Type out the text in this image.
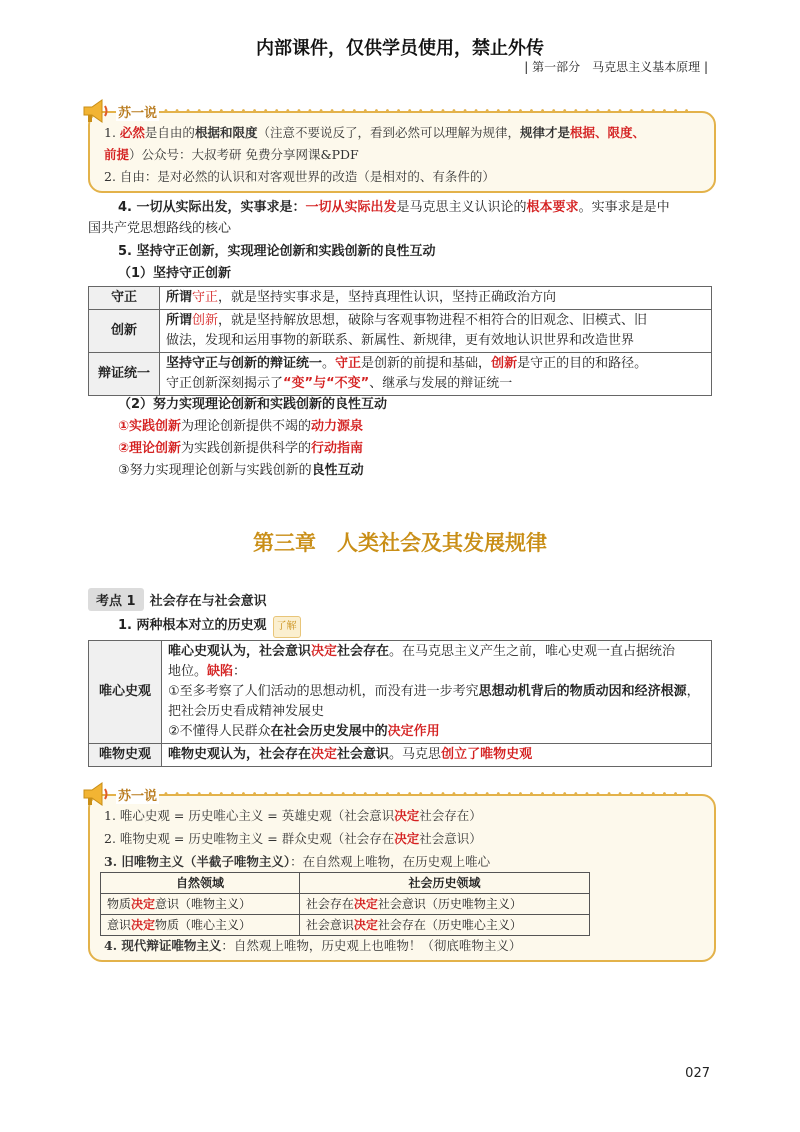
内部课件，仅供学员使用，禁止外传
| 第一部分　马克思主义基本原理 |
苏一说 • • • • • • • • • • • • • • • • • • • • • • • • • • • • • • • • • • • • • • • • • • • • • • • •
1. 必然是自由的根据和限度（注意不要说反了，看到必然可以理解为规律，规律才是根据、限度、
前提）公众号：大叔考研 免费分享网课&PDF
2. 自由：是对必然的认识和对客观世界的改造（是相对的、有条件的）
4. 一切从实际出发，实事求是：一切从实际出发是马克思主义认识论的根本要求。实事求是是中
国共产党思想路线的核心
5. 坚持守正创新，实现理论创新和实践创新的良性互动
（1）坚持守正创新
守正	所谓守正，就是坚持实事求是，坚持真理性认识，坚持正确政治方向
创新	所谓创新，就是坚持解放思想，破除与客观事物进程不相符合的旧观念、旧模式、旧
做法，发现和运用事物的新联系、新属性、新规律，更有效地认识世界和改造世界

辩证统一	坚持守正与创新的辩证统一。守正是创新的前提和基础，创新是守正的目的和路径。
守正创新深刻揭示了“变”与“不变”、继承与发展的辩证统一
（2）努力实现理论创新和实践创新的良性互动
①实践创新为理论创新提供不竭的动力源泉
②理论创新为实践创新提供科学的行动指南
③努力实现理论创新与实践创新的良性互动
第三章　人类社会及其发展规律
考点 1	社会存在与社会意识
1. 两种根本对立的历史观 了解
唯心史观	唯心史观认为，社会意识决定社会存在。在马克思主义产生之前，唯心史观一直占据统治
地位。缺陷：
①至多考察了人们活动的思想动机，而没有进一步考究思想动机背后的物质动因和经济根源，
把社会历史看成精神发展史
②不懂得人民群众在社会历史发展中的决定作用

唯物史观	唯物史观认为，社会存在决定社会意识。马克思创立了唯物史观
苏一说 • • • • • • • • • • • • • • • • • • • • • • • • • • • • • • • • • • • • • • • • • • • • • • • •
1. 唯心史观 = 历史唯心主义 = 英雄史观（社会意识决定社会存在）
2. 唯物史观 = 历史唯物主义 = 群众史观（社会存在决定社会意识）
3. 旧唯物主义（半截子唯物主义）：在自然观上唯物，在历史观上唯心
4. 现代辩证唯物主义：自然观上唯物，历史观上也唯物！（彻底唯物主义）
自然领域	社会历史领域
物质决定意识（唯物主义）	社会存在决定社会意识（历史唯物主义）
意识决定物质（唯心主义）	社会意识决定社会存在（历史唯心主义）
027
